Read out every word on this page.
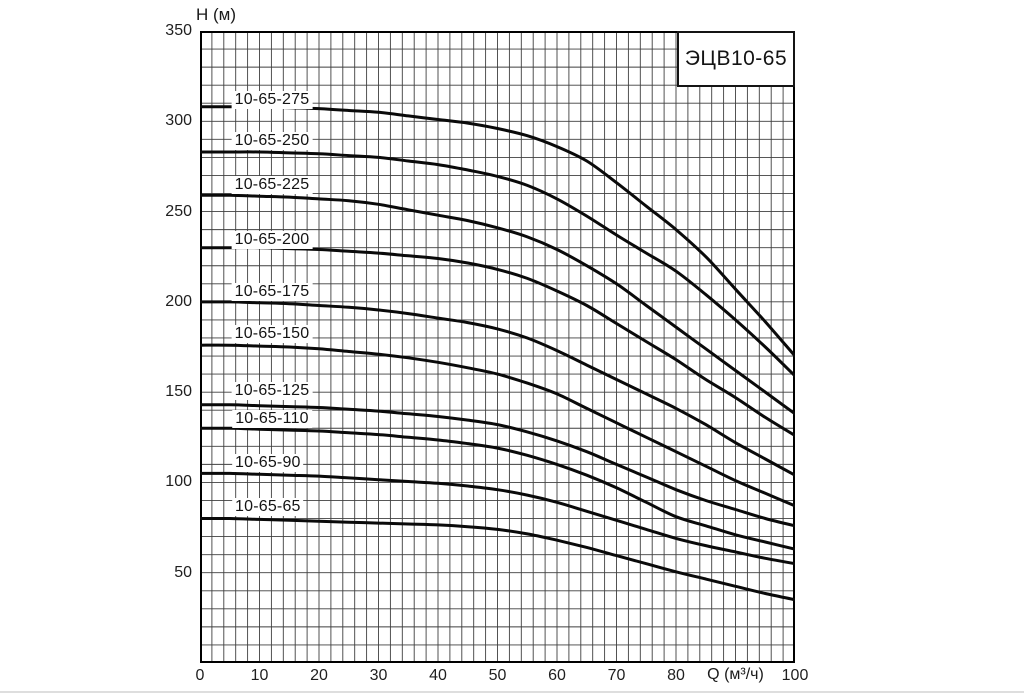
H (м)
10-65-275
10-65-250
10-65-225
10-65-200
10-65-175
10-65-150
10-65-125
10-65-110
10-65-90
10-65-65
ЭЦВ10-65
350
300
250
200
150
100
50
0	10	20	30	40	50	60	70	80	100
Q (м³/ч)
